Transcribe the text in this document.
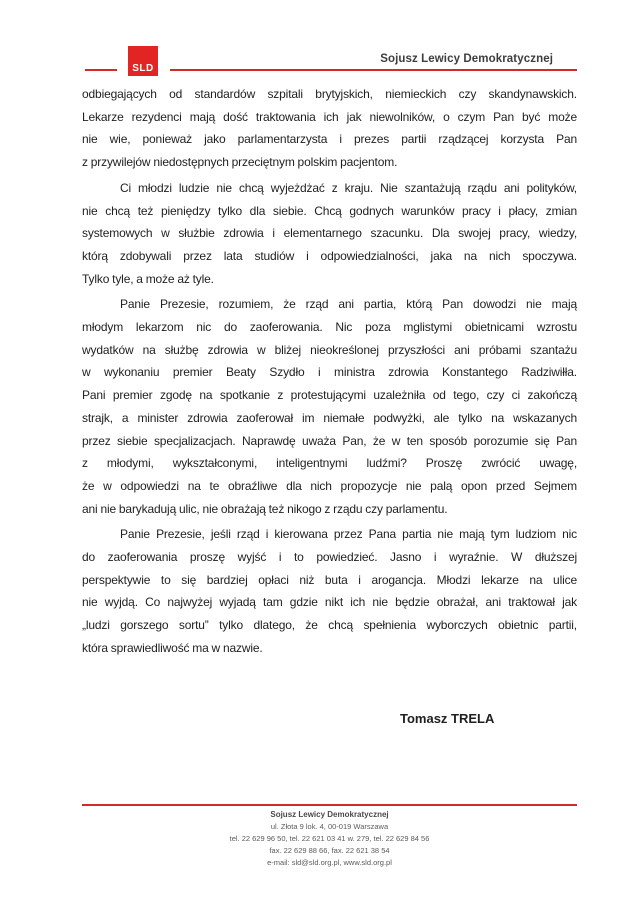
SLD
Sojusz Lewicy Demokratycznej
odbiegających od standardów szpitali brytyjskich, niemieckich czy skandynawskich.
Lekarze rezydenci mają dość traktowania ich jak niewolników, o czym Pan być może
nie wie, ponieważ jako parlamentarzysta i prezes partii rządzącej korzysta Pan
z przywilejów niedostępnych przeciętnym polskim pacjentom.
Ci młodzi ludzie nie chcą wyjeżdżać z kraju. Nie szantażują rządu ani polityków,
nie chcą też pieniędzy tylko dla siebie. Chcą godnych warunków pracy i płacy, zmian
systemowych w służbie zdrowia i elementarnego szacunku. Dla swojej pracy, wiedzy,
którą zdobywali przez lata studiów i odpowiedzialności, jaka na nich spoczywa.
Tylko tyle, a może aż tyle.
Panie Prezesie, rozumiem, że rząd ani partia, którą Pan dowodzi nie mają
młodym lekarzom nic do zaoferowania. Nic poza mglistymi obietnicami wzrostu
wydatków na służbę zdrowia w bliżej nieokreślonej przyszłości ani próbami szantażu
w wykonaniu premier Beaty Szydło i ministra zdrowia Konstantego Radziwiłła.
Pani premier zgodę na spotkanie z protestującymi uzależniła od tego, czy ci zakończą
strajk, a minister zdrowia zaoferował im niemałe podwyżki, ale tylko na wskazanych
przez siebie specjalizacjach. Naprawdę uważa Pan, że w ten sposób porozumie się Pan
z młodymi, wykształconymi, inteligentnymi ludźmi? Proszę zwrócić uwagę,
że w odpowiedzi na te obraźliwe dla nich propozycje nie palą opon przed Sejmem
ani nie barykadują ulic, nie obrażają też nikogo z rządu czy parlamentu.
Panie Prezesie, jeśli rząd i kierowana przez Pana partia nie mają tym ludziom nic
do zaoferowania proszę wyjść i to powiedzieć. Jasno i wyraźnie. W dłuższej
perspektywie to się bardziej opłaci niż buta i arogancja. Młodzi lekarze na ulice
nie wyjdą. Co najwyżej wyjadą tam gdzie nikt ich nie będzie obrażał, ani traktował jak
„ludzi gorszego sortu” tylko dlatego, że chcą spełnienia wyborczych obietnic partii,
która sprawiedliwość ma w nazwie.
Tomasz TRELA
Sojusz Lewicy Demokratycznej
ul. Złota 9 lok. 4, 00-019 Warszawa
tel. 22 629 96 50, tel. 22 621 03 41 w. 279, tel. 22 629 84 56
fax. 22 629 88 66, fax. 22 621 38 54
e-mail: sld@sld.org.pl, www.sld.org.pl
